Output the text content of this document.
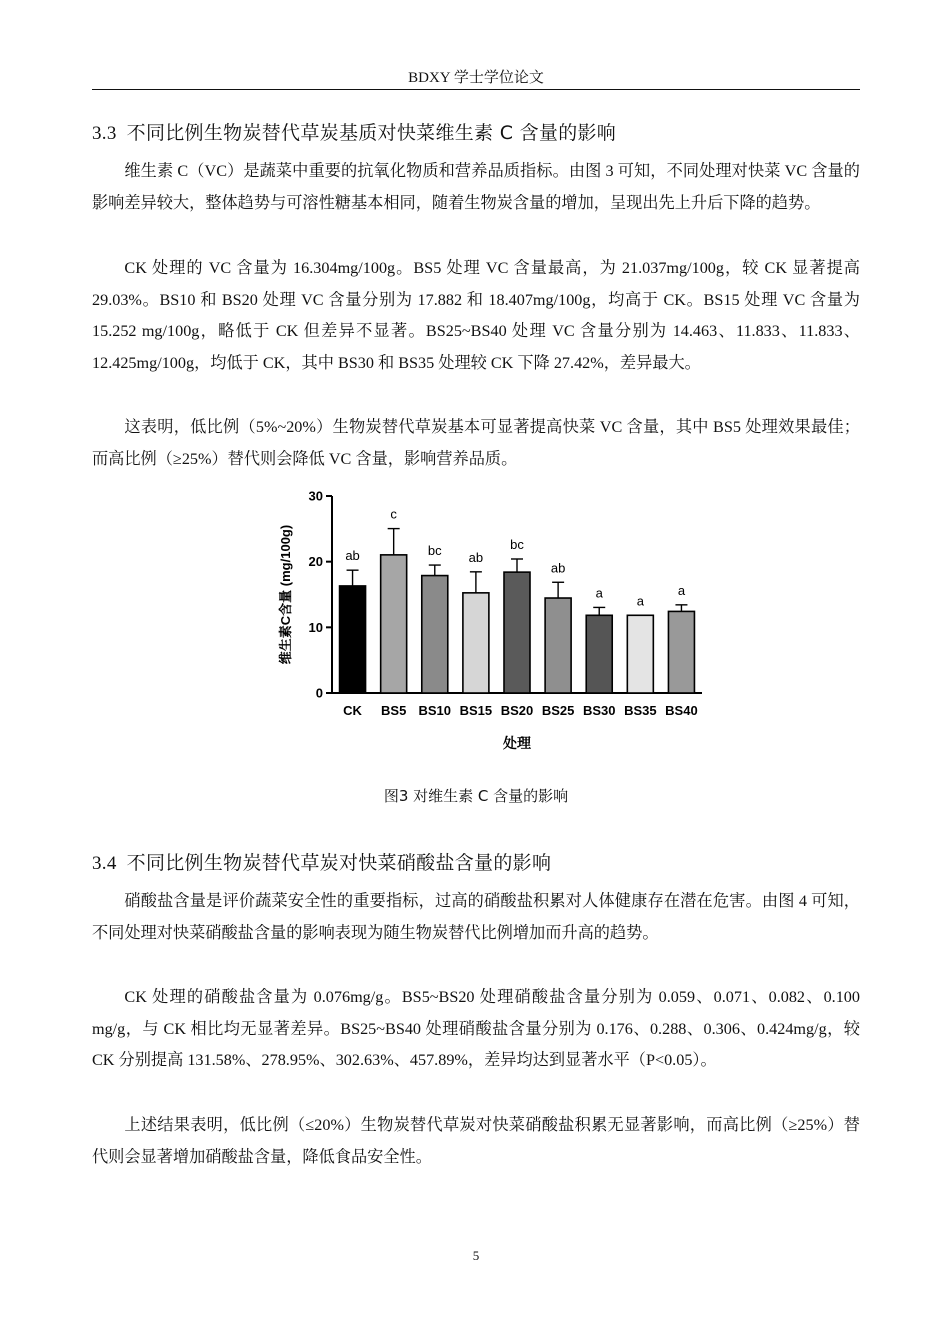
BDXY 学士学位论文
3.3 不同比例生物炭替代草炭基质对快菜维生素 C 含量的影响

维生素 C（VC）是蔬菜中重要的抗氧化物质和营养品质指标。由图 3 可知，不同处理对快菜 VC 含量的影响差异较大，整体趋势与可溶性糖基本相同，随着生物炭含量的增加，呈现出先上升后下降的趋势。

CK 处理的 VC 含量为 16.304mg/100g。BS5 处理 VC 含量最高，为 21.037mg/100g，较 CK 显著提高 29.03%。BS10 和 BS20 处理 VC 含量分别为 17.882 和 18.407mg/100g，均高于 CK。BS15 处理 VC 含量为 15.252 mg/100g，略低于 CK 但差异不显著。BS25~BS40 处理 VC 含量分别为 14.463、11.833、11.833、12.425mg/100g，均低于 CK，其中 BS30 和 BS35 处理较 CK 下降 27.42%，差异最大。

这表明，低比例（5%~20%）生物炭替代草炭基本可显著提高快菜 VC 含量，其中 BS5 处理效果最佳；而高比例（≥25%）替代则会降低 VC 含量，影响营养品质。

0
10
20
30
维生素C含量 (mg/100g)	ab
CK
c
BS5
bc
BS10
ab
BS15
bc
BS20
ab
BS25
a
BS30
a
BS35
a
BS40
处理
图3 对维生素 C 含量的影响
3.4 不同比例生物炭替代草炭对快菜硝酸盐含量的影响

硝酸盐含量是评价蔬菜安全性的重要指标，过高的硝酸盐积累对人体健康存在潜在危害。由图 4 可知，不同处理对快菜硝酸盐含量的影响表现为随生物炭替代比例增加而升高的趋势。

CK 处理的硝酸盐含量为 0.076mg/g。BS5~BS20 处理硝酸盐含量分别为 0.059、0.071、0.082、0.100 mg/g，与 CK 相比均无显著差异。BS25~BS40 处理硝酸盐含量分别为 0.176、0.288、0.306、0.424mg/g，较 CK 分别提高 131.58%、278.95%、302.63%、457.89%，差异均达到显著水平（P<0.05）。

上述结果表明，低比例（≤20%）生物炭替代草炭对快菜硝酸盐积累无显著影响，而高比例（≥25%）替代则会显著增加硝酸盐含量，降低食品安全性。

5
